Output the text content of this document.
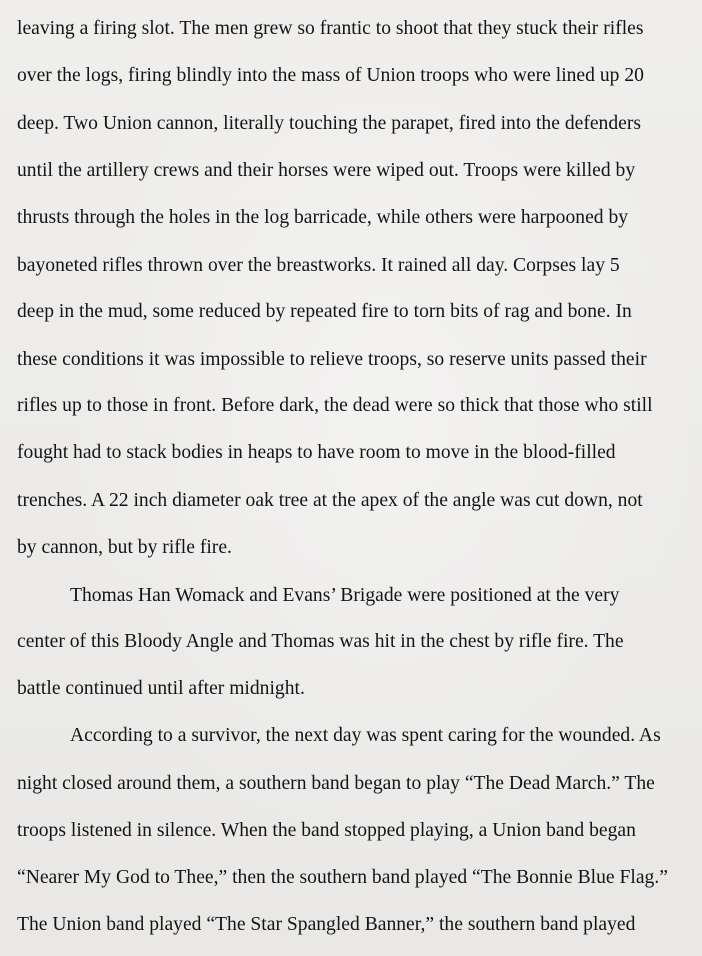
leaving a firing slot. The men grew so frantic to shoot that they stuck their rifles

over the logs, firing blindly into the mass of Union troops who were lined up 20

deep. Two Union cannon, literally touching the parapet, fired into the defenders

until the artillery crews and their horses were wiped out. Troops were killed by

thrusts through the holes in the log barricade, while others were harpooned by

bayoneted rifles thrown over the breastworks. It rained all day. Corpses lay 5

deep in the mud, some reduced by repeated fire to torn bits of rag and bone. In

these conditions it was impossible to relieve troops, so reserve units passed their

rifles up to those in front. Before dark, the dead were so thick that those who still

fought had to stack bodies in heaps to have room to move in the blood-filled

trenches. A 22 inch diameter oak tree at the apex of the angle was cut down, not

by cannon, but by rifle fire.

Thomas Han Womack and Evans’ Brigade were positioned at the very

center of this Bloody Angle and Thomas was hit in the chest by rifle fire. The

battle continued until after midnight.

According to a survivor, the next day was spent caring for the wounded. As

night closed around them, a southern band began to play “The Dead March.” The

troops listened in silence. When the band stopped playing, a Union band began

“Nearer My God to Thee,” then the southern band played “The Bonnie Blue Flag.”

The Union band played “The Star Spangled Banner,” the southern band played
